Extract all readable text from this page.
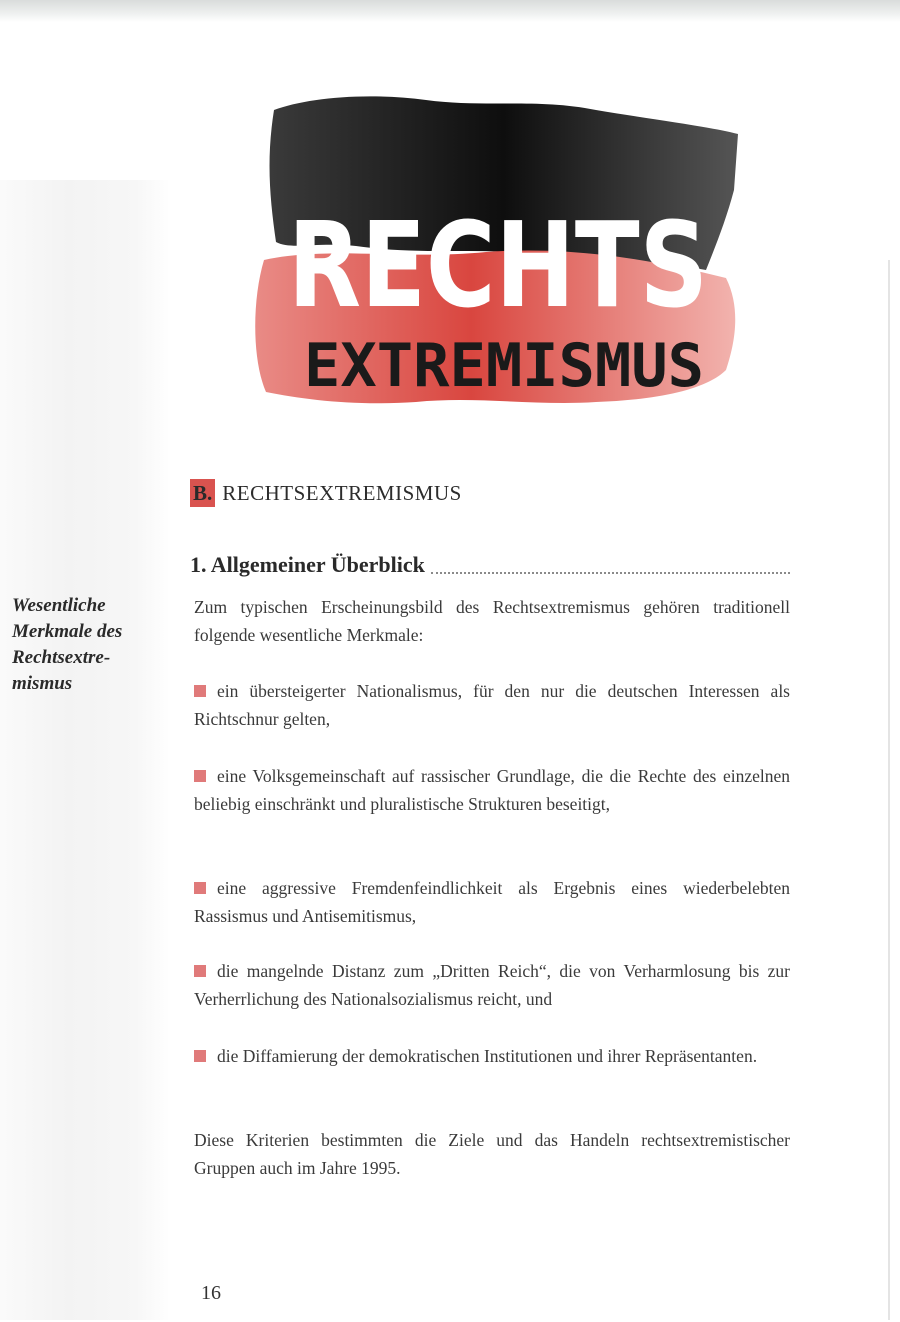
RECHTS
EXTREMISMUS
B. RECHTSEXTREMISMUS
1. Allgemeiner Überblick
Wesentliche
Merkmale des
Rechtsextre-
mismus
Zum typischen Erscheinungsbild des Rechtsextremismus gehören traditionell folgende wesentliche Merkmale:
ein übersteigerter Nationalismus, für den nur die deutschen Interessen als Richtschnur gelten,
eine Volksgemeinschaft auf rassischer Grundlage, die die Rechte des einzelnen beliebig einschränkt und pluralistische Strukturen beseitigt,
eine aggressive Fremdenfeindlichkeit als Ergebnis eines wiederbelebten Rassismus und Antisemitismus,
die mangelnde Distanz zum „Dritten Reich“, die von Verharmlosung bis zur Verherrlichung des Nationalsozialismus reicht, und
die Diffamierung der demokratischen Institutionen und ihrer Repräsentanten.
Diese Kriterien bestimmten die Ziele und das Handeln rechtsextremistischer Gruppen auch im Jahre 1995.
16
